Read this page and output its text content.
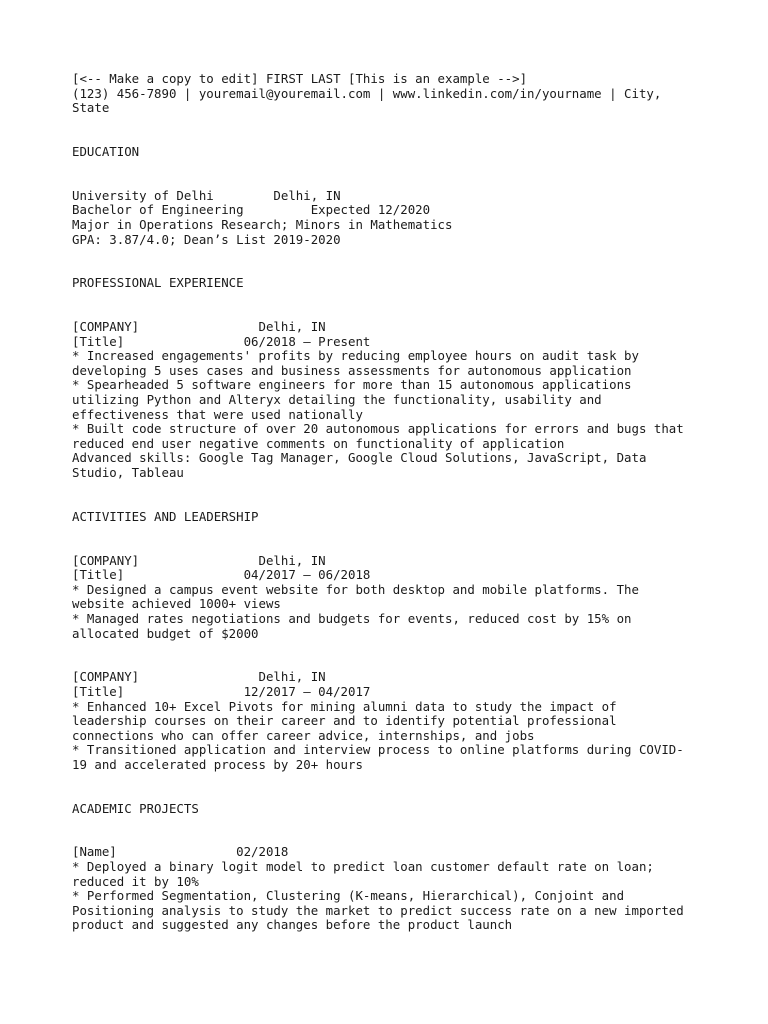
[<-- Make a copy to edit] FIRST LAST [This is an example -->]
(123) 456-7890 | youremail@youremail.com | www.linkedin.com/in/yourname | City,
State
EDUCATION
University of Delhi        Delhi, IN
Bachelor of Engineering         Expected 12/2020
Major in Operations Research; Minors in Mathematics
GPA: 3.87/4.0; Dean’s List 2019-2020
PROFESSIONAL EXPERIENCE
[COMPANY]                Delhi, IN
[Title]                06/2018 – Present
* Increased engagements' profits by reducing employee hours on audit task by
developing 5 uses cases and business assessments for autonomous application
* Spearheaded 5 software engineers for more than 15 autonomous applications
utilizing Python and Alteryx detailing the functionality, usability and
effectiveness that were used nationally
* Built code structure of over 20 autonomous applications for errors and bugs that
reduced end user negative comments on functionality of application
Advanced skills: Google Tag Manager, Google Cloud Solutions, JavaScript, Data
Studio, Tableau
ACTIVITIES AND LEADERSHIP
[COMPANY]                Delhi, IN
[Title]                04/2017 – 06/2018
* Designed a campus event website for both desktop and mobile platforms. The
website achieved 1000+ views
* Managed rates negotiations and budgets for events, reduced cost by 15% on
allocated budget of $2000
[COMPANY]                Delhi, IN
[Title]                12/2017 – 04/2017
* Enhanced 10+ Excel Pivots for mining alumni data to study the impact of
leadership courses on their career and to identify potential professional
connections who can offer career advice, internships, and jobs
* Transitioned application and interview process to online platforms during COVID-
19 and accelerated process by 20+ hours
ACADEMIC PROJECTS
[Name]                02/2018
* Deployed a binary logit model to predict loan customer default rate on loan;
reduced it by 10%
* Performed Segmentation, Clustering (K-means, Hierarchical), Conjoint and
Positioning analysis to study the market to predict success rate on a new imported
product and suggested any changes before the product launch
